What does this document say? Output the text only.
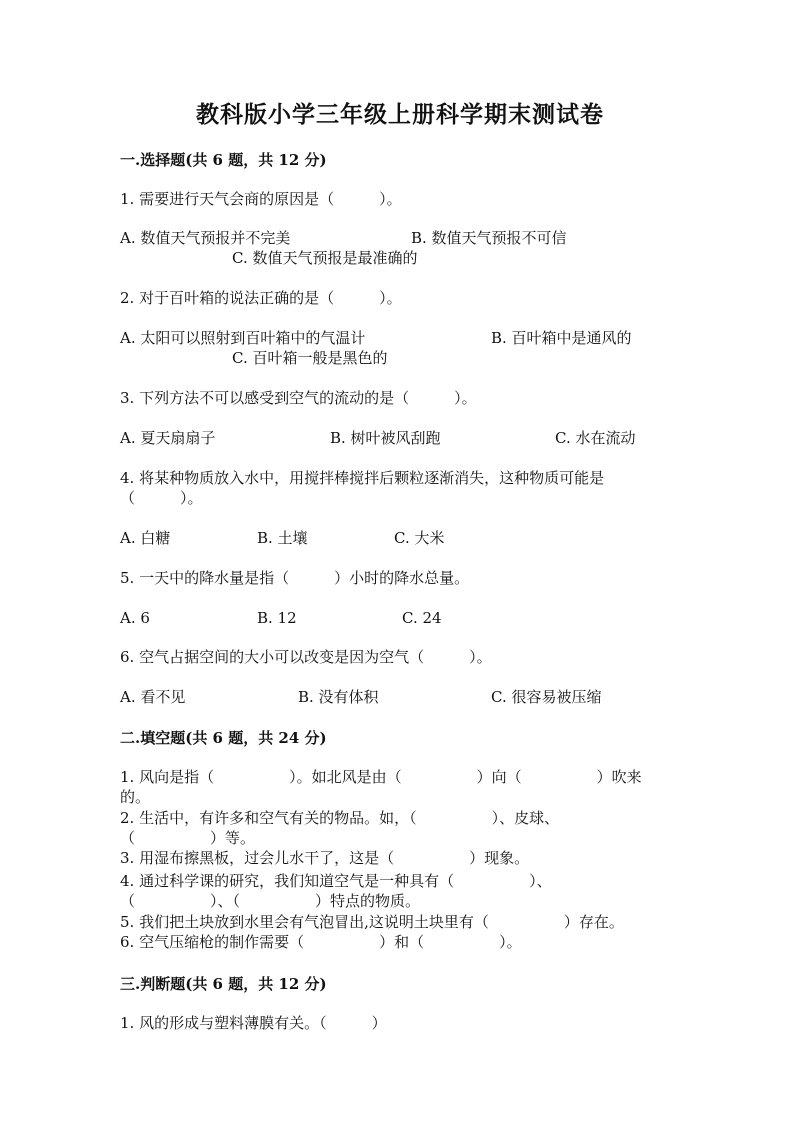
教科版小学三年级上册科学期末测试卷
一.选择题(共 6 题，共 12 分)
1. 需要进行天气会商的原因是（　　　）。
A. 数值天气预报并不完美	B. 数值天气预报不可信
C. 数值天气预报是最准确的
2. 对于百叶箱的说法正确的是（　　　）。
A. 太阳可以照射到百叶箱中的气温计	B. 百叶箱中是通风的
C. 百叶箱一般是黑色的
3. 下列方法不可以感受到空气的流动的是（　　　）。
A. 夏天扇扇子	B. 树叶被风刮跑	C. 水在流动
4. 将某种物质放入水中，用搅拌棒搅拌后颗粒逐渐消失，这种物质可能是
（　　　）。
A. 白糖	B. 土壤	C. 大米
5. 一天中的降水量是指（　　　）小时的降水总量。
A. 6	B. 12	C. 24
6. 空气占据空间的大小可以改变是因为空气（　　　）。
A. 看不见	B. 没有体积	C. 很容易被压缩
二.填空题(共 6 题，共 24 分)
1. 风向是指（　　　　　）。如北风是由（　　　　　）向（　　　　　）吹来
的。
2. 生活中，有许多和空气有关的物品。如，（　　　　　）、皮球、
（　　　　　）等。
3. 用湿布擦黑板，过会儿水干了，这是（　　　　　）现象。
4. 通过科学课的研究，我们知道空气是一种具有（　　　　　）、
（　　　　　）、（　　　　　）特点的物质。
5. 我们把土块放到水里会有气泡冒出,这说明土块里有（　　　　　）存在。
6. 空气压缩枪的制作需要（　　　　　）和（　　　　　）。
三.判断题(共 6 题，共 12 分)
1. 风的形成与塑料薄膜有关。（　　　）
